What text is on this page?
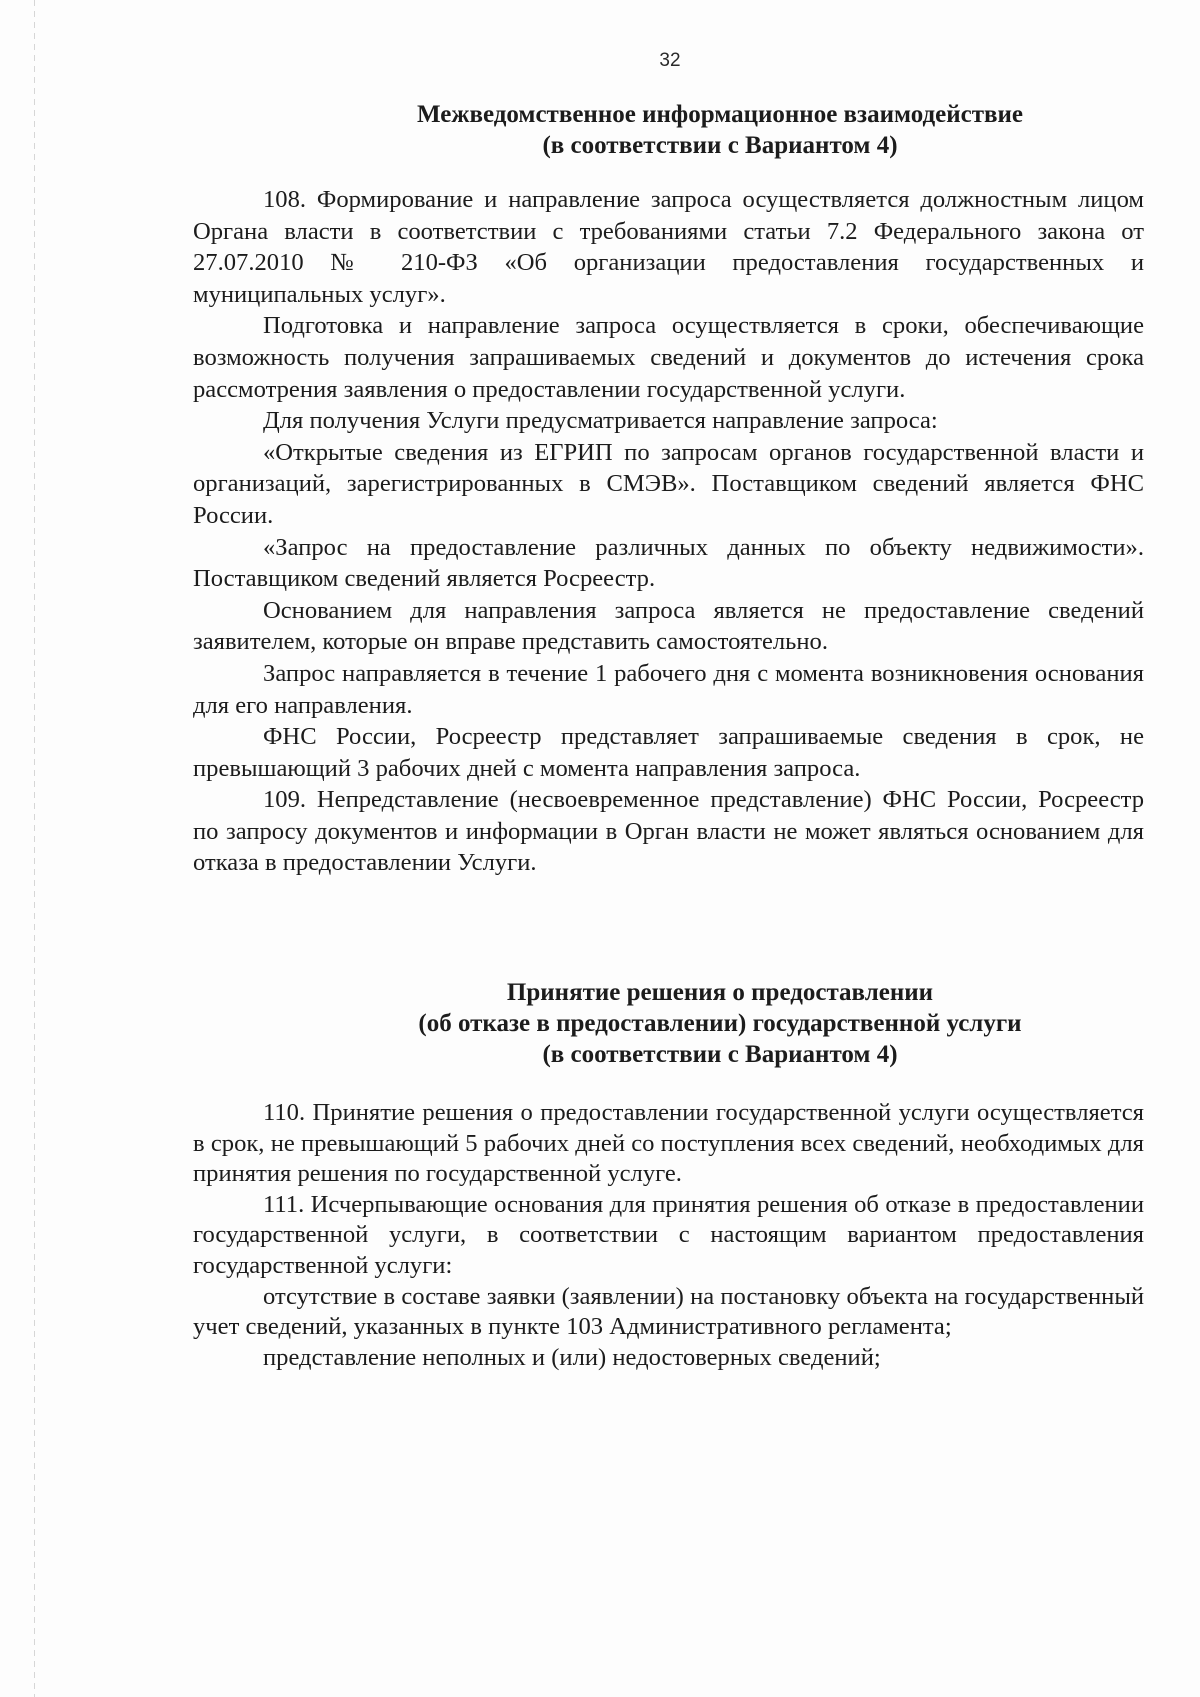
32
Межведомственное информационное взаимодействие
(в соответствии с Вариантом 4)

108. Формирование и направление запроса осуществляется должностным лицом Органа власти в соответствии с требованиями статьи 7.2 Федерального закона от 27.07.2010 № 210-ФЗ «Об организации предоставления государственных и муниципальных услуг».

Подготовка и направление запроса осуществляется в сроки, обеспечивающие возможность получения запрашиваемых сведений и документов до истечения срока рассмотрения заявления о предоставлении государственной услуги.

Для получения Услуги предусматривается направление запроса:

«Открытые сведения из ЕГРИП по запросам органов государственной власти и организаций, зарегистрированных в СМЭВ». Поставщиком сведений является ФНС России.

«Запрос на предоставление различных данных по объекту недвижимости». Поставщиком сведений является Росреестр.

Основанием для направления запроса является не предоставление сведений заявителем, которые он вправе представить самостоятельно.

Запрос направляется в течение 1 рабочего дня с момента возникновения основания для его направления.

ФНС России, Росреестр представляет запрашиваемые сведения в срок, не превышающий 3 рабочих дней с момента направления запроса.

109. Непредставление (несвоевременное представление) ФНС России, Росреестр по запросу документов и информации в Орган власти не может являться основанием для отказа в предоставлении Услуги.

Принятие решения о предоставлении
(об отказе в предоставлении) государственной услуги
(в соответствии с Вариантом 4)

110. Принятие решения о предоставлении государственной услуги осуществляется в срок, не превышающий 5 рабочих дней со поступления всех сведений, необходимых для принятия решения по государственной услуге.

111. Исчерпывающие основания для принятия решения об отказе в предоставлении государственной услуги, в соответствии с настоящим вариантом предоставления государственной услуги:

отсутствие в составе заявки (заявлении) на постановку объекта на государственный учет сведений, указанных в пункте 103 Административного регламента;

представление неполных и (или) недостоверных сведений;
